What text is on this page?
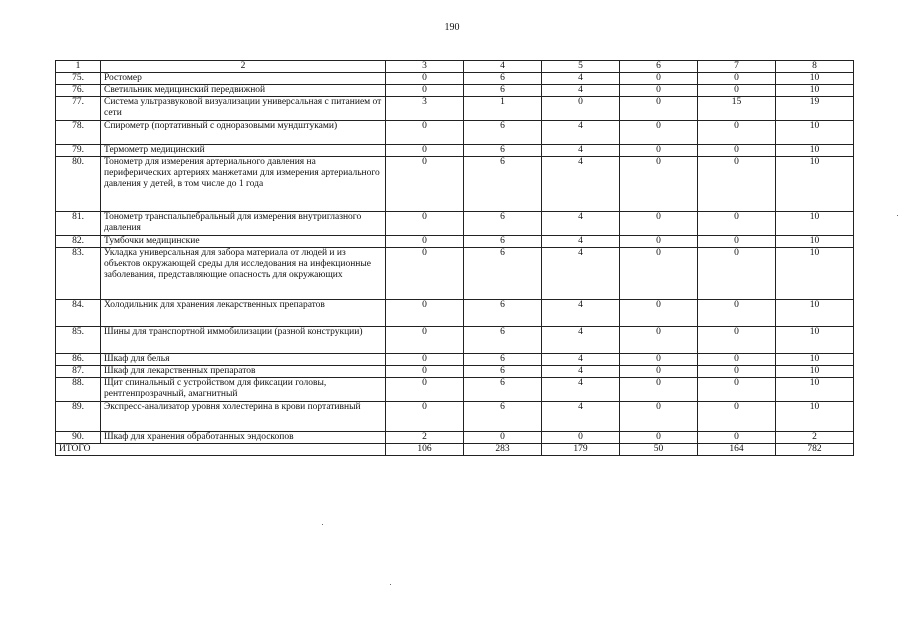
190
1	2	3	4	5	6	7	8
75.	Ростомер	0	6	4	0	0	10
76.	Светильник медицинский передвижной	0	6	4	0	0	10
77.	Система ультразвуковой визуализации универсальная с питанием от сети	3	1	0	0	15	19
78.	Спирометр (портативный с одноразовыми мундштуками)	0	6	4	0	0	10
79.	Термометр медицинский	0	6	4	0	0	10
80.	Тонометр для измерения артериального давления на периферических артериях манжетами для измерения артериального давления у детей, в том числе до 1 года	0	6	4	0	0	10
81.	Тонометр транспальпебральный для измерения внутриглазного давления	0	6	4	0	0	10
82.	Тумбочки медицинские	0	6	4	0	0	10
83.	Укладка универсальная для забора материала от людей и из объектов окружающей среды для исследования на инфекционные заболевания, представляющие опасность для окружающих	0	6	4	0	0	10
84.	Холодильник для хранения лекарственных препаратов	0	6	4	0	0	10
85.	Шины для транспортной иммобилизации (разной конструкции)	0	6	4	0	0	10
86.	Шкаф для белья	0	6	4	0	0	10
87.	Шкаф для лекарственных препаратов	0	6	4	0	0	10
88.	Щит спинальный с устройством для фиксации головы, рентгенпрозрачный, амагнитный	0	6	4	0	0	10
89.	Экспресс-анализатор уровня холестерина в крови портативный	0	6	4	0	0	10
90.	Шкаф для хранения обработанных эндоскопов	2	0	0	0	0	2
ИТОГО		106	283	179	50	164	782
